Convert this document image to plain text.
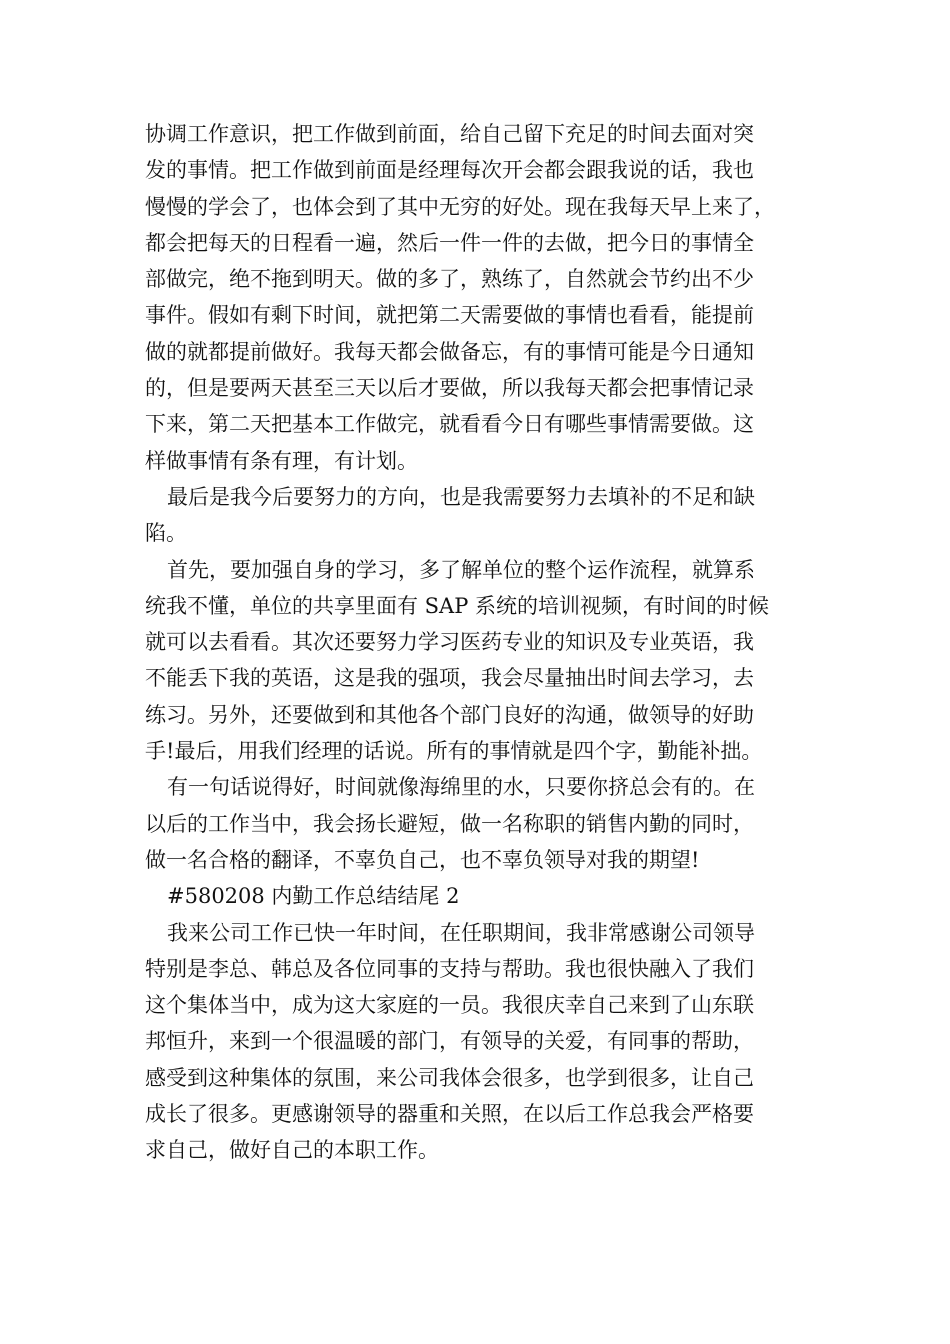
协调工作意识，把工作做到前面，给自己留下充足的时间去面对突
发的事情。把工作做到前面是经理每次开会都会跟我说的话，我也
慢慢的学会了，也体会到了其中无穷的好处。现在我每天早上来了，
都会把每天的日程看一遍，然后一件一件的去做，把今日的事情全
部做完，绝不拖到明天。做的多了，熟练了，自然就会节约出不少
事件。假如有剩下时间，就把第二天需要做的事情也看看，能提前
做的就都提前做好。我每天都会做备忘，有的事情可能是今日通知
的，但是要两天甚至三天以后才要做，所以我每天都会把事情记录
下来，第二天把基本工作做完，就看看今日有哪些事情需要做。这
样做事情有条有理，有计划。
最后是我今后要努力的方向，也是我需要努力去填补的不足和缺
陷。
首先，要加强自身的学习，多了解单位的整个运作流程，就算系
统我不懂，单位的共享里面有 SAP 系统的培训视频，有时间的时候
就可以去看看。其次还要努力学习医药专业的知识及专业英语，我
不能丢下我的英语，这是我的强项，我会尽量抽出时间去学习，去
练习。另外，还要做到和其他各个部门良好的沟通，做领导的好助
手!最后，用我们经理的话说。所有的事情就是四个字，勤能补拙。
有一句话说得好，时间就像海绵里的水，只要你挤总会有的。在
以后的工作当中，我会扬长避短，做一名称职的销售内勤的同时，
做一名合格的翻译，不辜负自己，也不辜负领导对我的期望!
#580208 内勤工作总结结尾 2
我来公司工作已快一年时间，在任职期间，我非常感谢公司领导
特别是李总、韩总及各位同事的支持与帮助。我也很快融入了我们
这个集体当中，成为这大家庭的一员。我很庆幸自己来到了山东联
邦恒升，来到一个很温暖的部门，有领导的关爱，有同事的帮助，
感受到这种集体的氛围，来公司我体会很多，也学到很多，让自己
成长了很多。更感谢领导的器重和关照，在以后工作总我会严格要
求自己，做好自己的本职工作。
